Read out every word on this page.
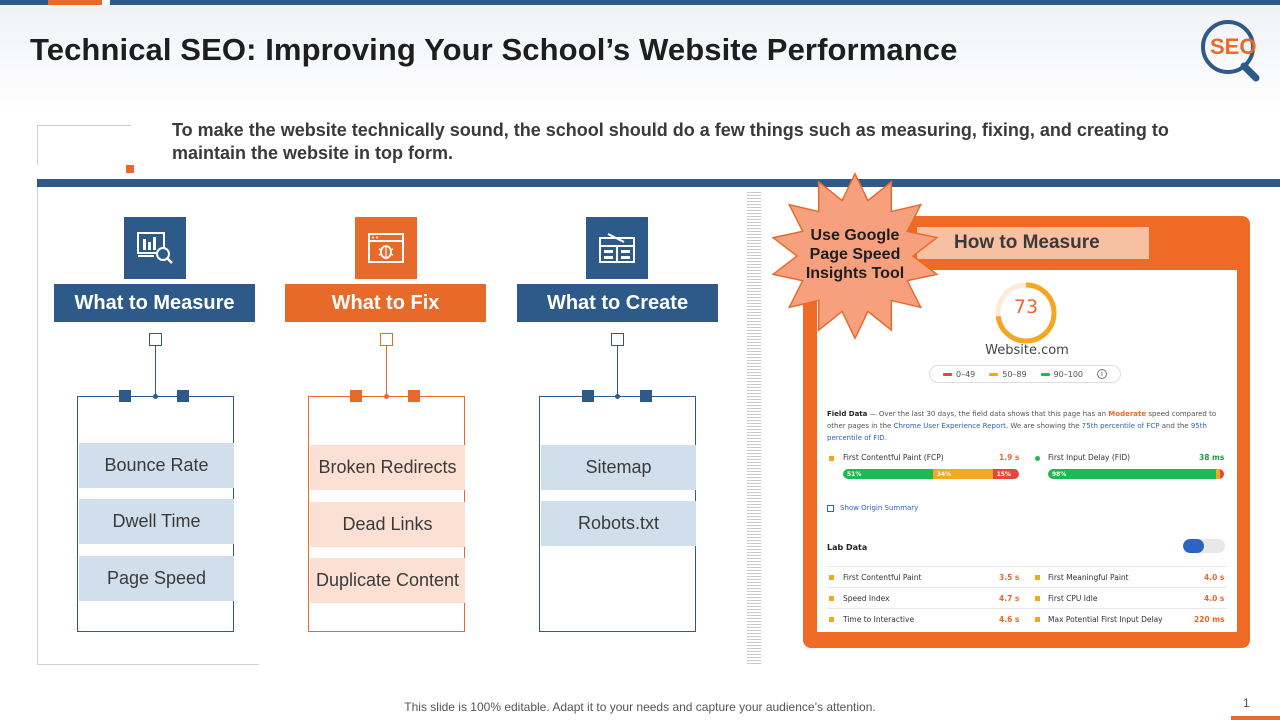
Technical SEO: Improving Your School’s Website Performance	SEO
To make the website technically sound, the school should do a few things such as measuring, fixing, and creating to maintain the website in top form.
What to Measure
Bounce Rate
Dwell Time
Page Speed
What to Fix
Broken Redirects
Dead Links
Duplicate Content
What to Create
Sitemap
Robots.txt
How to Measure
73
Website.com
0–49	50–89	90–100	i
Field Data — Over the last 30 days, the field data shows that this page has an Moderate speed compared to other pages in the Chrome User Experience Report. We are showing the 75th percentile of FCP and the 95th percentile of FID.
First Contentful Paint (FCP)	1.9 s
51%	34%	15%
First Input Delay (FID)	38 ms
98%
Show Origin Summary
Lab Data
First Contentful Paint	3.5 s	First Meaningful Paint	4.0 s
Speed Index	4.7 s	First CPU Idle	4.0 s
Time to Interactive	4.6 s	Max Potential First Input Delay	220 ms
Use Google Page Speed Insights Tool
This slide is 100% editable. Adapt it to your needs and capture your audience’s attention.	1
